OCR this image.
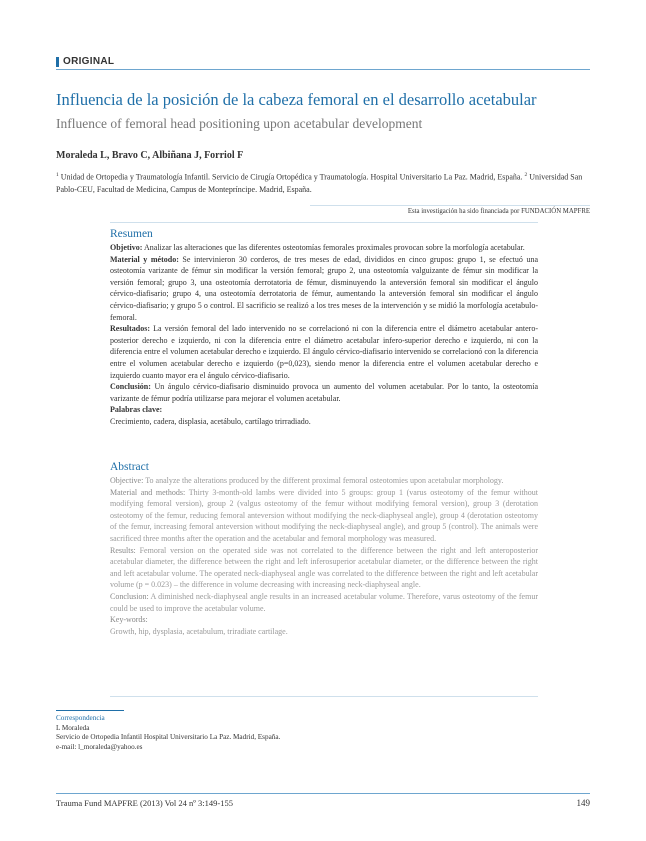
ORIGINAL
Influencia de la posición de la cabeza femoral en el desarrollo acetabular
Influence of femoral head positioning upon acetabular development
Moraleda L, Bravo C, Albiñana J, Forriol F
$^1$ Unidad de Ortopedia y Traumatología Infantil. Servicio de Cirugía Ortopédica y Traumatología. Hospital Universitario La Paz. Madrid, España. $^2$ Universidad San Pablo-CEU, Facultad de Medicina, Campus de Montepríncipe. Madrid, España.
Esta investigación ha sido financiada por FUNDACIÓN MAPFRE
Resumen

Objetivo: Analizar las alteraciones que las diferentes osteotomías femorales proximales provocan sobre la morfología acetabular.

Material y método: Se intervinieron 30 corderos, de tres meses de edad, divididos en cinco grupos: grupo 1, se efectuó una osteotomía varizante de fémur sin modificar la versión femoral; grupo 2, una osteotomía valguizante de fémur sin modificar la versión femoral; grupo 3, una osteotomía derrotatoria de fémur, disminuyendo la anteversión femoral sin modificar el ángulo cérvico-diafisario; grupo 4, una osteotomía derrotatoria de fémur, aumentando la anteversión femoral sin modificar el ángulo cérvico-diafisario; y grupo 5 o control. El sacrificio se realizó a los tres meses de la intervención y se midió la morfología acetabulo-femoral.

Resultados: La versión femoral del lado intervenido no se correlacionó ni con la diferencia entre el diámetro acetabular antero-posterior derecho e izquierdo, ni con la diferencia entre el diámetro acetabular infero-superior derecho e izquierdo, ni con la diferencia entre el volumen acetabular derecho e izquierdo. El ángulo cérvico-diafisario intervenido se correlacionó con la diferencia entre el volumen acetabular derecho e izquierdo (p=0,023), siendo menor la diferencia entre el volumen acetabular derecho e izquierdo cuanto mayor era el ángulo cérvico-diafisario.

Conclusión: Un ángulo cérvico-diafisario disminuido provoca un aumento del volumen acetabular. Por lo tanto, la osteotomía varizante de fémur podría utilizarse para mejorar el volumen acetabular.

Palabras clave:

Crecimiento, cadera, displasia, acetábulo, cartílago trirradiado.

Abstract

Objective: To analyze the alterations produced by the different proximal femoral osteotomies upon acetabular morphology.

Material and methods: Thirty 3-month-old lambs were divided into 5 groups: group 1 (varus osteotomy of the femur without modifying femoral version), group 2 (valgus osteotomy of the femur without modifying femoral version), group 3 (derotation osteotomy of the femur, reducing femoral anteversion without modifying the neck-diaphyseal angle), group 4 (derotation osteotomy of the femur, increasing femoral anteversion without modifying the neck-diaphyseal angle), and group 5 (control). The animals were sacrificed three months after the operation and the acetabular and femoral morphology was measured.

Results: Femoral version on the operated side was not correlated to the difference between the right and left anteroposterior acetabular diameter, the difference between the right and left inferosuperior acetabular diameter, or the difference between the right and left acetabular volume. The operated neck-diaphyseal angle was correlated to the difference between the right and left acetabular volume (p = 0.023) – the difference in volume decreasing with increasing neck-diaphyseal angle.

Conclusion: A diminished neck-diaphyseal angle results in an increased acetabular volume. Therefore, varus osteotomy of the femur could be used to improve the acetabular volume.

Key-words:

Growth, hip, dysplasia, acetabulum, triradiate cartilage.

Correspondencia
L Moraleda
Servicio de Ortopedia Infantil Hospital Universitario La Paz. Madrid, España.
e-mail: l_moraleda@yahoo.es
Trauma Fund MAPFRE (2013) Vol 24 nº 3:149-155	149
